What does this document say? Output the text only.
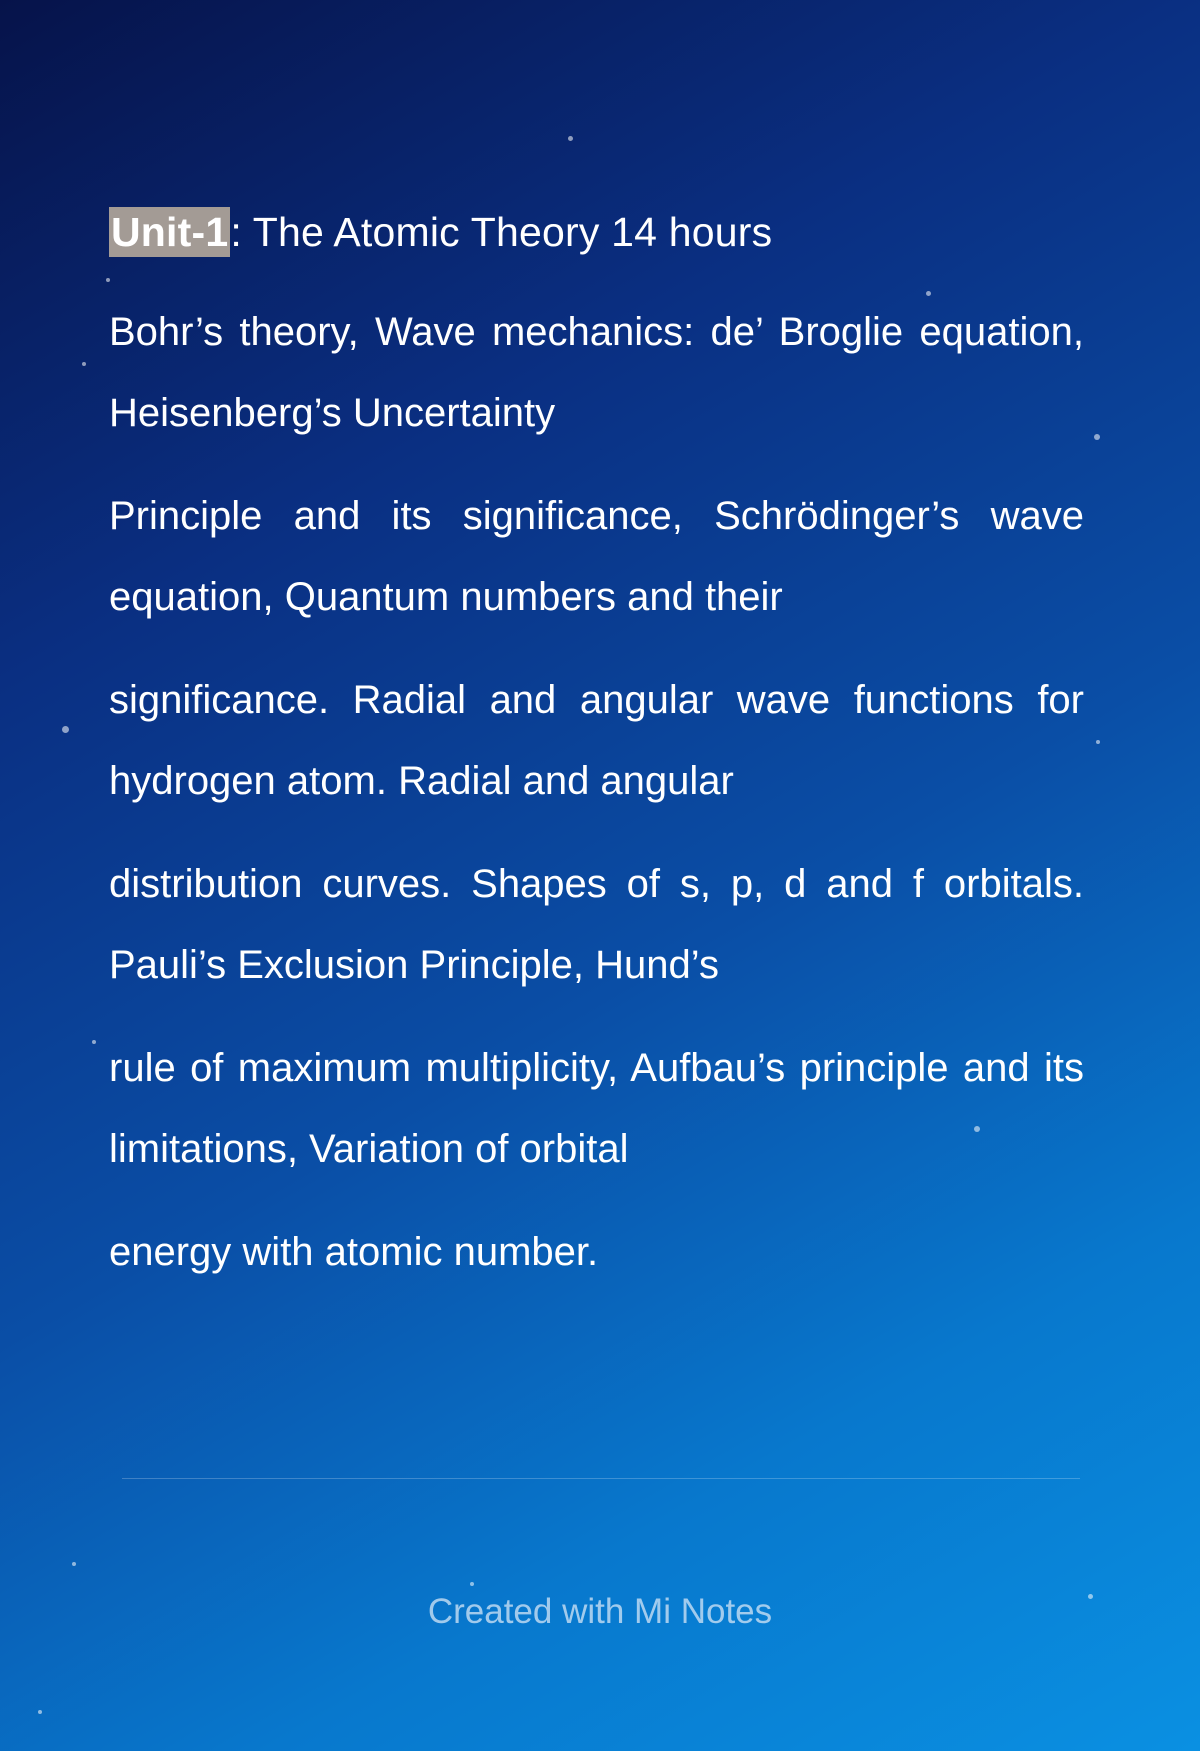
Unit-1: The Atomic Theory 14 hours

Bohr’s theory, Wave mechanics: de’ Broglie equation, Heisenberg’s Uncertainty

Principle and its significance, Schrödinger’s wave equation, Quantum numbers and their

significance. Radial and angular wave functions for hydrogen atom. Radial and angular

distribution curves. Shapes of s, p, d and f orbitals. Pauli’s Exclusion Principle, Hund’s

rule of maximum multiplicity, Aufbau’s principle and its limitations, Variation of orbital

energy with atomic number.

Created with Mi Notes
